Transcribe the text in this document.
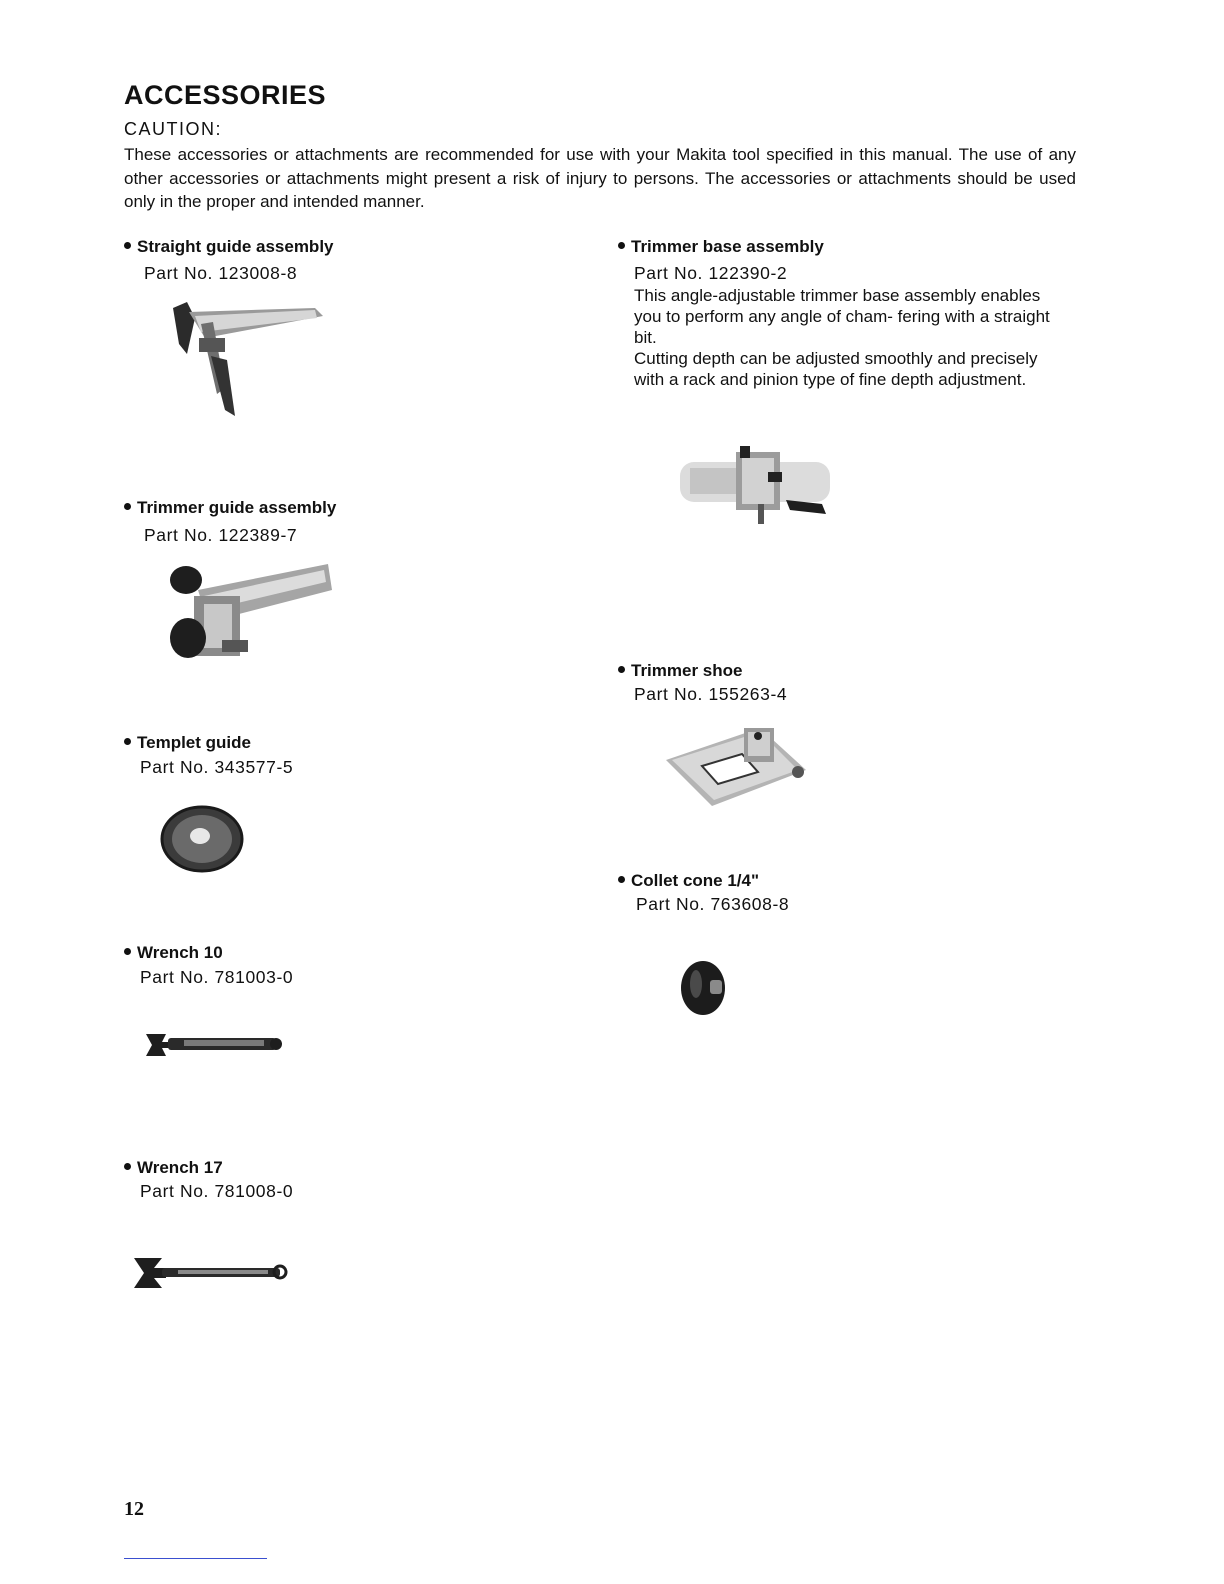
ACCESSORIES
CAUTION:
These accessories or attachments are recommended for use with your Makita tool specified in this manual. The use of any other accessories or attachments might present a risk of injury to persons. The accessories or attachments should be used only in the proper and intended manner.
Straight guide assembly
Part No. 123008-8
Trimmer guide assembly
Part No. 122389-7
Templet guide
Part No. 343577-5
Wrench 10
Part No. 781003-0
Wrench 17
Part No. 781008-0
Trimmer base assembly
Part No. 122390-2

This angle-adjustable trimmer base assembly enables you to perform any angle of cham- fering with a straight bit.

Cutting depth can be adjusted smoothly and precisely with a rack and pinion type of fine depth adjustment.

Trimmer shoe
Part No. 155263-4
Collet cone 1/4"
Part No. 763608-8
12
